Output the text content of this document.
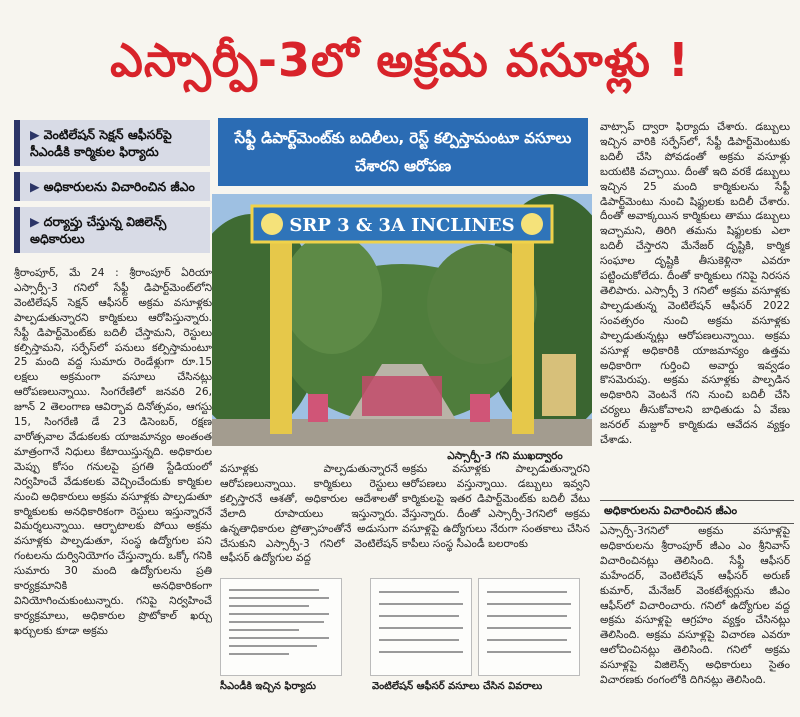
ఎస్సార్పీ-3లో అక్రమ వసూళ్లు !
▶ వెంటిలేషన్ సెక్షన్ ఆఫీసర్‌పై సీఎండీకి కార్మికుల ఫిర్యాదు
▶ అధికారులను విచారించిన జీఎం
▶ దర్యాప్తు చేస్తున్న విజిలెన్స్ అధికారులు
సేఫ్టీ డిపార్ట్‌మెంట్‌కు బదిలీలు, రెస్ట్ కల్పిస్తామంటూ వసూలు చేశారని ఆరోపణ
SRP 3 & 3A INCLINES
ఎస్సార్పీ-3 గని ముఖద్వారం
శ్రీరాంపూర్, మే 24 : శ్రీరాంపూర్ ఏరియా ఎస్సార్పీ-3 గనిలో సేఫ్టీ డిపార్ట్‌మెంట్‌లోని వెంటిలేషన్ సెక్షన్ ఆఫీసర్ అక్రమ వసూళ్లకు పాల్పడుతున్నారని కార్మికులు ఆరోపిస్తున్నారు. సేఫ్టీ డిపార్ట్‌మెంట్‌కు బదిలీ చేస్తామని, రెస్టులు కల్పిస్తామని, సర్ఫేస్‌లో పనులు కల్పిస్తామంటూ 25 మంది వద్ద సుమారు రెండేళ్లుగా రూ.15 లక్షలు అక్రమంగా వసూలు చేసినట్లు ఆరోపణలున్నాయి. సింగరేణిలో జనవరి 26, జూన్ 2 తెలంగాణ ఆవిర్భావ దినోత్సవం, ఆగస్టు 15, సింగరేణి డే 23 డిసెంబర్, రక్షణ వారోత్సవాల వేడుకలకు యాజమాన్యం అంతంత మాత్రంగానే నిధులు కేటాయిస్తున్నది. అధికారుల మెప్పు కోసం గనులపై ప్రగతి స్టేడియంలో నిర్వహించే వేడుకలకు వెచ్చించేందుకు కార్మికుల నుంచి అధికారులు అక్రమ వసూళ్లకు పాల్పడుతూ కార్మికులకు అనధికారికంగా రెస్టులు ఇస్తున్నారనే విమర్శలున్నాయి. ఆర్భాటాలకు పోయి అక్రమ వసూళ్లకు పాల్పడుతూ, సంస్థ ఉద్యోగుల పని గంటలను దుర్వినియోగం చేస్తున్నారు. ఒక్కో గనికి సుమారు 30 మంది ఉద్యోగులను ప్రతి కార్యక్రమానికి అనధికారికంగా వినియోగించుకుంటున్నారు. గనిపై నిర్వహించే కార్యక్రమాలు, అధికారుల ప్రొటోకాల్ ఖర్చు ఖర్చులకు కూడా అక్రమ
వసూళ్లకు పాల్పడుతున్నారనే ఆరోపణలున్నాయి. కార్మికులు రెస్టులు కల్పిస్తారనే ఆశతో, అధికారుల ఆదేశాలతో వేలాది రూపాయలు ఇస్తున్నారు. ఉన్నతాధికారుల ప్రోత్సాహంతోనే అడుసుగా చేసుకుని ఎస్సార్పీ-3 గనిలో వెంటిలేషన్ ఆఫీసర్ ఉద్యోగుల వద్ద
అక్రమ వసూళ్లకు పాల్పడుతున్నారని ఆరోపణలు వస్తున్నాయి. డబ్బులు ఇవ్వని కార్మికులపై ఇతర డిపార్ట్‌మెంట్‌కు బదిలీ వేటు వేస్తున్నారు. దీంతో ఎస్సార్పీ-3గనిలో అక్రమ వసూళ్లపై ఉద్యోగులు నేరుగా సంతకాలు చేసిన కాపీలు సంస్థ సీఎండీ బలరాంకు
వాట్సాప్ ద్వారా ఫిర్యాదు చేశారు. డబ్బులు ఇచ్చిన వారికి సర్ఫేస్‌లో, సేఫ్టీ డిపార్ట్‌మెంటుకు బదిలీ చేసి పోవడంతో అక్రమ వసూళ్లు బయటికి వచ్చాయి. దీంతో ఇది వరకే డబ్బులు ఇచ్చిన 25 మంది కార్మికులను సేఫ్టీ డిపార్ట్‌మెంటు నుంచి షిఫ్టులకు బదిలీ చేశారు. దీంతో అవాక్కయిన కార్మికులు తాము డబ్బులు ఇచ్చామని, తిరిగి తమను షిఫ్టులకు ఎలా బదిలీ చేస్తారని మేనేజర్ దృష్టికి, కార్మిక సంఘాల దృష్టికి తీసుకెళ్లినా ఎవరూ పట్టించుకోలేదు. దీంతో కార్మికులు గనిపై నిరసన తెలిపారు. ఎస్సార్పీ 3 గనిలో అక్రమ వసూళ్లకు పాల్పడుతున్న వెంటిలేషన్ ఆఫీసర్ 2022 సంవత్సరం నుంచి అక్రమ వసూళ్లకు పాల్పడుతున్నట్లు ఆరోపణలున్నాయి. అక్రమ వసూళ్ల అధికారికి యాజమాన్యం ఉత్తమ అధికారిగా గుర్తించి అవార్డు ఇవ్వడం కొసమెరుపు. అక్రమ వసూళ్లకు పాల్పడిన అధికారిని వెంటనే గని నుంచి బదిలీ చేసి చర్యలు తీసుకోవాలని బాధితుడు ఏ వేణు జనరల్ మజ్దూర్ కార్మికుడు ఆవేదన వ్యక్తం చేశాడు.
అధికారులను విచారించిన జీఎం
ఎస్సార్పీ-3గనిలో అక్రమ వసూళ్లపై అధికారులను శ్రీరాంపూర్ జీఎం ఎం శ్రీనివాస్ విచారించినట్లు తెలిసింది. సేఫ్టీ ఆఫీసర్ మహేందర్, వెంటిలేషన్ ఆఫీసర్ అరుణ్ కుమార్, మేనేజర్ వెంకటేశ్వర్లును జీఎం ఆఫీస్‌లో విచారించారు. గనిలో ఉద్యోగుల వద్ద అక్రమ వసూళ్లపై ఆగ్రహం వ్యక్తం చేసినట్లు తెలిసింది. అక్రమ వసూళ్లపై విచారణ ఎవరూ ఆలోచించినట్లు తెలిసింది. గనిలో అక్రమ వసూళ్లపై విజిలెన్స్ అధికారులు సైతం విచారణకు రంగంలోకి దిగినట్లు తెలిసింది.
సీఎండీకి ఇచ్చిన ఫిర్యాదు	వెంటిలేషన్ ఆఫీసర్ వసూలు చేసిన వివరాలు
